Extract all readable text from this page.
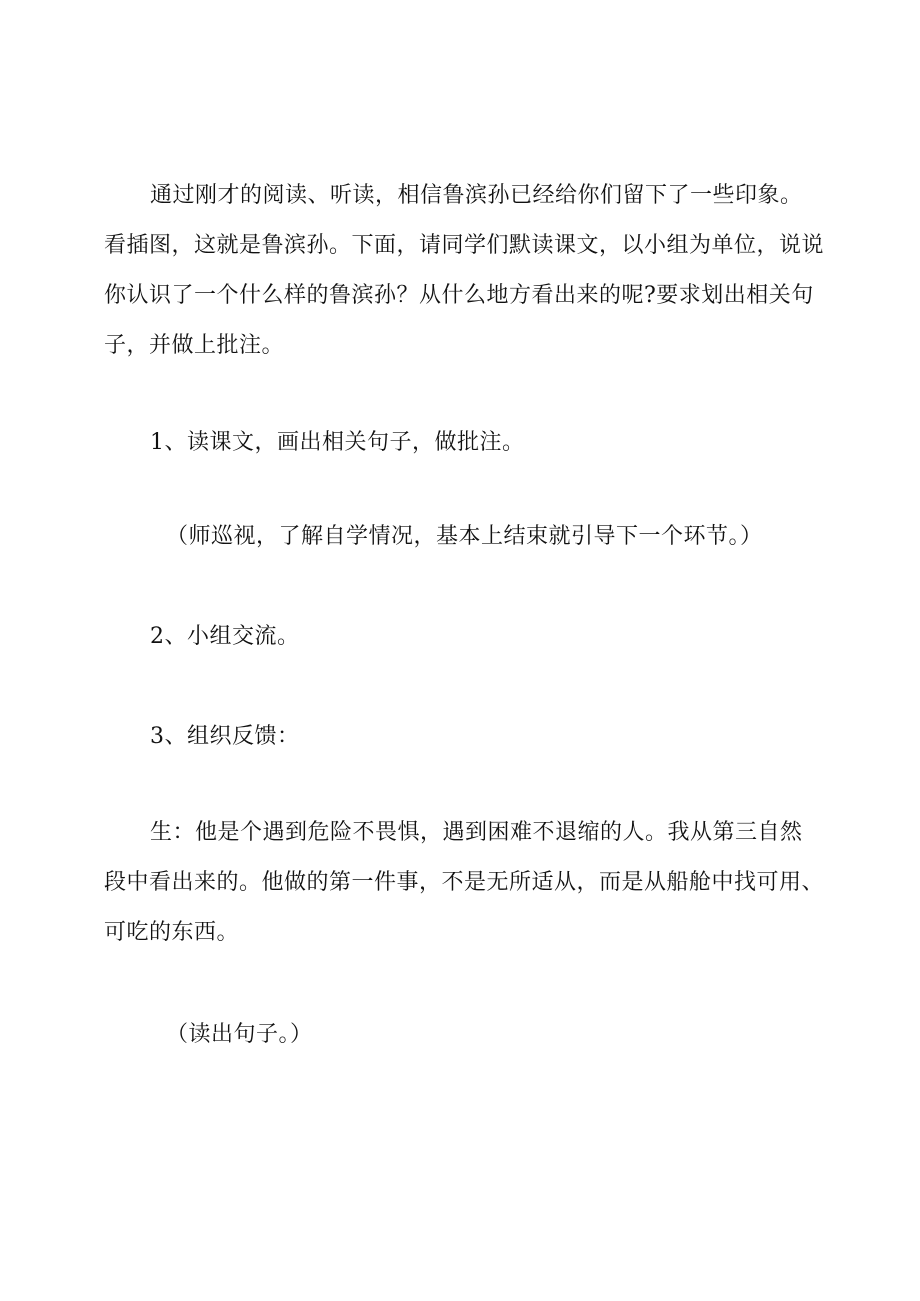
通过刚才的阅读、听读，相信鲁滨孙已经给你们留下了一些印象。看插图，这就是鲁滨孙。下面，请同学们默读课文，以小组为单位，说说你认识了一个什么样的鲁滨孙？从什么地方看出来的呢?要求划出相关句子，并做上批注。

1、读课文，画出相关句子，做批注。

（师巡视，了解自学情况，基本上结束就引导下一个环节。）

2、小组交流。

3、组织反馈：

生：他是个遇到危险不畏惧，遇到困难不退缩的人。我从第三自然段中看出来的。他做的第一件事，不是无所适从，而是从船舱中找可用、可吃的东西。

（读出句子。）
